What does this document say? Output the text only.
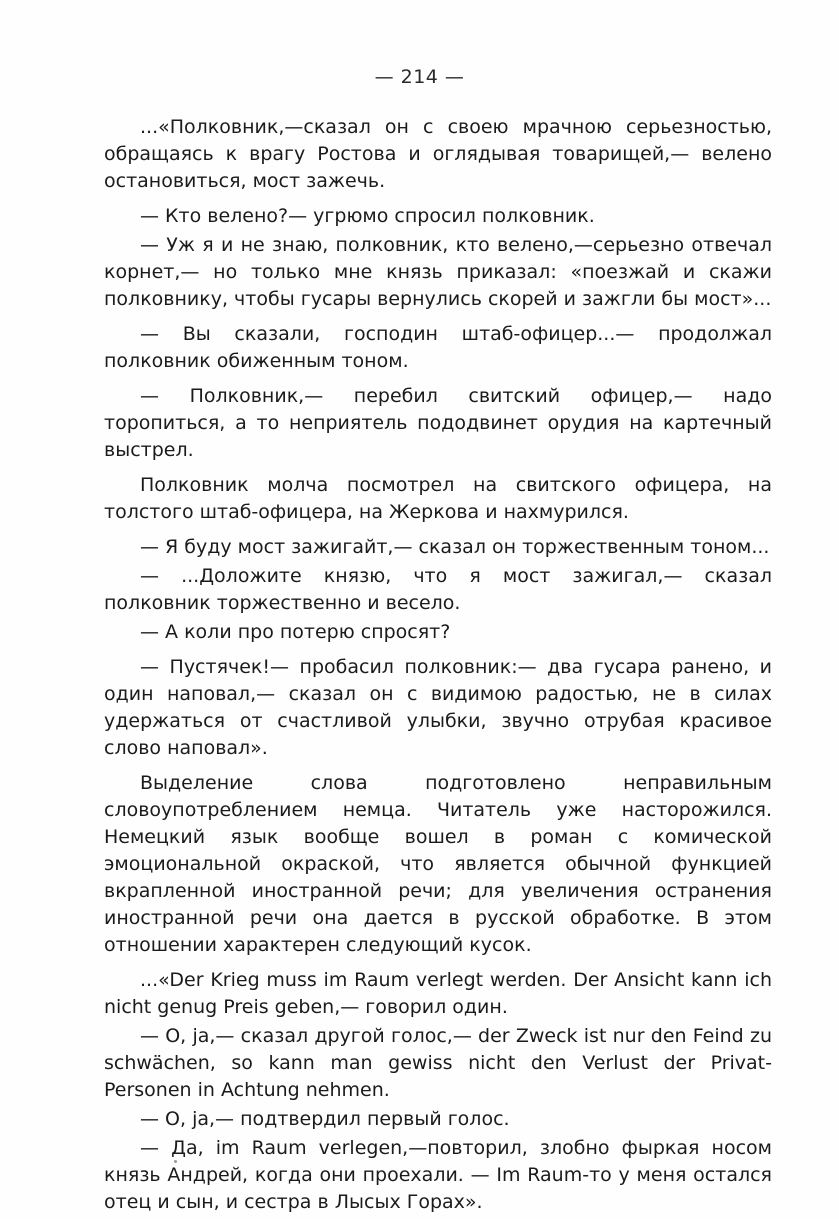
— 214 —

...«Полковник,—сказал он с своею мрачною серьезностью, обращаясь к врагу Ростова и оглядывая товарищей,— велено остановиться, мост зажечь.

— Кто велено?— угрюмо спросил полковник.

— Уж я и не знаю, полковник, кто велено,—серьезно отвечал корнет,— но только мне князь приказал: «поезжай и скажи полковнику, чтобы гусары вернулись скорей и зажгли бы мост»...

— Вы сказали, господин штаб-офицер...— продолжал полковник обиженным тоном.

— Полковник,— перебил свитский офицер,— надо торопиться, а то неприятель пододвинет орудия на картечный выстрел.

Полковник молча посмотрел на свитского офицера, на толстого штаб-офицера, на Жеркова и нахмурился.

— Я буду мост зажигайт,— сказал он торжественным тоном...

— ...Доложите князю, что я мост зажигал,— сказал полковник торжественно и весело.

— А коли про потерю спросят?

— Пустячек!— пробасил полковник:— два гусара ранено, и один наповал,— сказал он с видимою радостью, не в силах удержаться от счастливой улыбки, звучно отрубая красивое слово наповал».

Выделение слова подготовлено неправильным словоупотреблением немца. Читатель уже насторожился. Немецкий язык вообще вошел в роман с комической эмоциональной окраской, что является обычной функцией вкрапленной иностранной речи; для увеличения остранения иностранной речи она дается в русской обработке. В этом отношении характерен следующий кусок.

...«Der Krieg muss im Raum verlegt werden. Der Ansicht kann ich nicht genug Preis geben,— говорил один.

— O, ja,— сказал другой голос,— der Zweck ist nur den Feind zu schwächen, so kann man gewiss nicht den Verlust der Privat-Personen in Achtung nehmen.

— O, ja,— подтвердил первый голос.

— Да, im Raum verlegen,—повторил, злобно фыркая носом князь Андрей, когда они проехали. — Im Raum-то у меня остался отец и сын, и сестра в Лысых Горах».
